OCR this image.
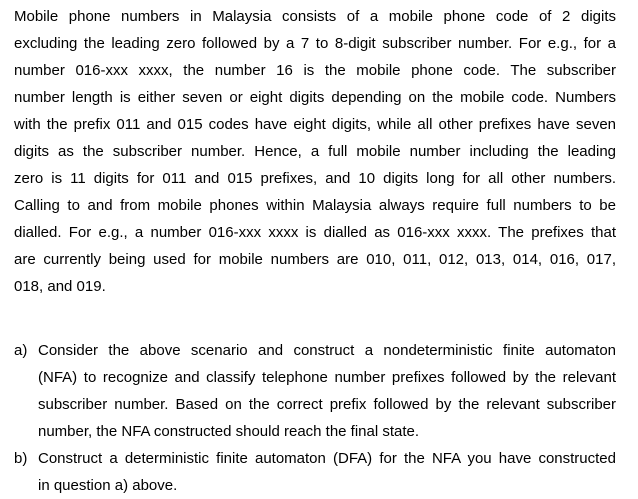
Mobile phone numbers in Malaysia consists of a mobile phone code of 2 digits
excluding the leading zero followed by a 7 to 8-digit subscriber number. For e.g., for a
number 016-xxx xxxx, the number 16 is the mobile phone code. The subscriber
number length is either seven or eight digits depending on the mobile code. Numbers
with the prefix 011 and 015 codes have eight digits, while all other prefixes have seven
digits as the subscriber number. Hence, a full mobile number including the leading
zero is 11 digits for 011 and 015 prefixes, and 10 digits long for all other numbers.
Calling to and from mobile phones within Malaysia always require full numbers to be
dialled. For e.g., a number 016-xxx xxxx is dialled as 016-xxx xxxx. The prefixes that
are currently being used for mobile numbers are 010, 011, 012, 013, 014, 016, 017,
018, and 019.
a) Consider the above scenario and construct a nondeterministic finite automaton
(NFA) to recognize and classify telephone number prefixes followed by the relevant
subscriber number. Based on the correct prefix followed by the relevant subscriber
number, the NFA constructed should reach the final state.
b) Construct a deterministic finite automaton (DFA) for the NFA you have constructed
in question a) above.
